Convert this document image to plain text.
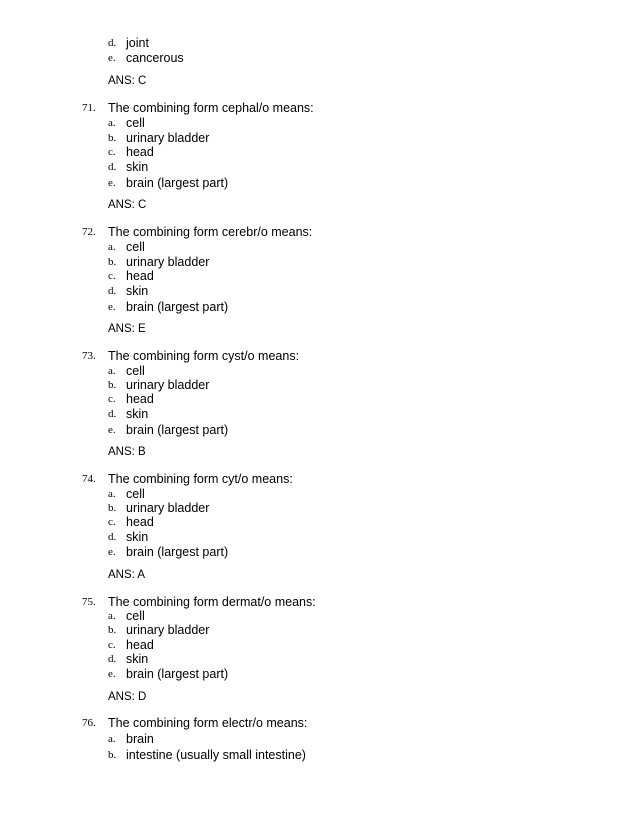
d. joint
e. cancerous
ANS: C
71. The combining form cephal/o means:
a. cell
b. urinary bladder
c. head
d. skin
e. brain (largest part)
ANS: C
72. The combining form cerebr/o means:
a. cell
b. urinary bladder
c. head
d. skin
e. brain (largest part)
ANS: E
73. The combining form cyst/o means:
a. cell
b. urinary bladder
c. head
d. skin
e. brain (largest part)
ANS: B
74. The combining form cyt/o means:
a. cell
b. urinary bladder
c. head
d. skin
e. brain (largest part)
ANS: A
75. The combining form dermat/o means:
a. cell
b. urinary bladder
c. head
d. skin
e. brain (largest part)
ANS: D
76. The combining form electr/o means:
a. brain
b. intestine (usually small intestine)
